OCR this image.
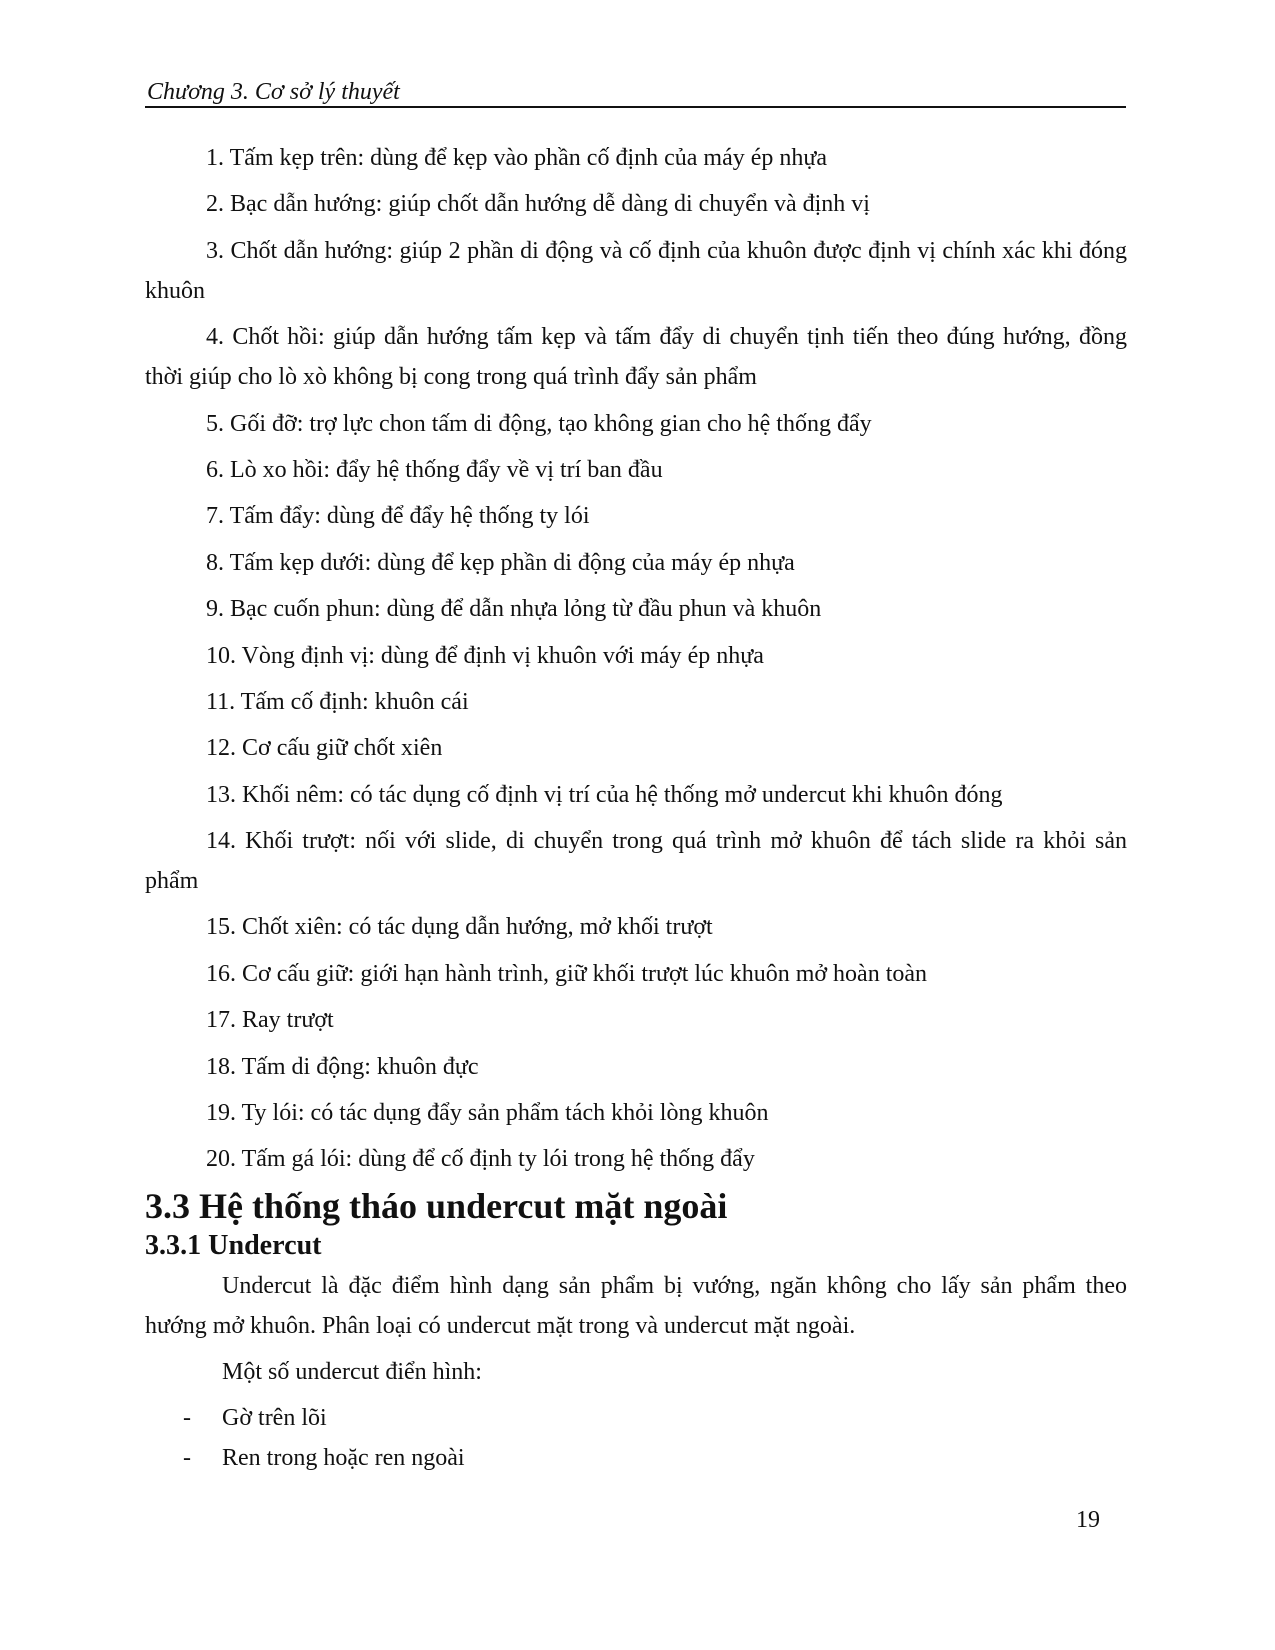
Chương 3. Cơ sở lý thuyết

1. Tấm kẹp trên: dùng để kẹp vào phần cố định của máy ép nhựa

2. Bạc dẫn hướng: giúp chốt dẫn hướng dễ dàng di chuyển và định vị

3. Chốt dẫn hướng: giúp 2 phần di động và cố định của khuôn được định vị chính xác khi đóng khuôn

4. Chốt hồi: giúp dẫn hướng tấm kẹp và tấm đẩy di chuyển tịnh tiến theo đúng hướng, đồng thời giúp cho lò xò không bị cong trong quá trình đẩy sản phẩm

5. Gối đỡ: trợ lực chon tấm di động, tạo không gian cho hệ thống đẩy

6. Lò xo hồi: đẩy hệ thống đẩy về vị trí ban đầu

7. Tấm đẩy: dùng để đẩy hệ thống ty lói

8. Tấm kẹp dưới: dùng để kẹp phần di động của máy ép nhựa

9. Bạc cuốn phun: dùng để dẫn nhựa lỏng từ đầu phun và khuôn

10. Vòng định vị: dùng để định vị khuôn với máy ép nhựa

11. Tấm cố định: khuôn cái

12. Cơ cấu giữ chốt xiên

13. Khối nêm: có tác dụng cố định vị trí của hệ thống mở undercut khi khuôn đóng

14. Khối trượt: nối với slide, di chuyển trong quá trình mở khuôn để tách slide ra khỏi sản phẩm

15. Chốt xiên: có tác dụng dẫn hướng, mở khối trượt

16. Cơ cấu giữ: giới hạn hành trình, giữ khối trượt lúc khuôn mở hoàn toàn

17. Ray trượt

18. Tấm di động: khuôn đực

19. Ty lói: có tác dụng đẩy sản phẩm tách khỏi lòng khuôn

20. Tấm gá lói: dùng để cố định ty lói trong hệ thống đẩy

3.3 Hệ thống tháo undercut mặt ngoài
3.3.1 Undercut

Undercut là đặc điểm hình dạng sản phẩm bị vướng, ngăn không cho lấy sản phẩm theo hướng mở khuôn. Phân loại có undercut mặt trong và undercut mặt ngoài.

Một số undercut điển hình:

- Gờ trên lõi
- Ren trong hoặc ren ngoài
19
